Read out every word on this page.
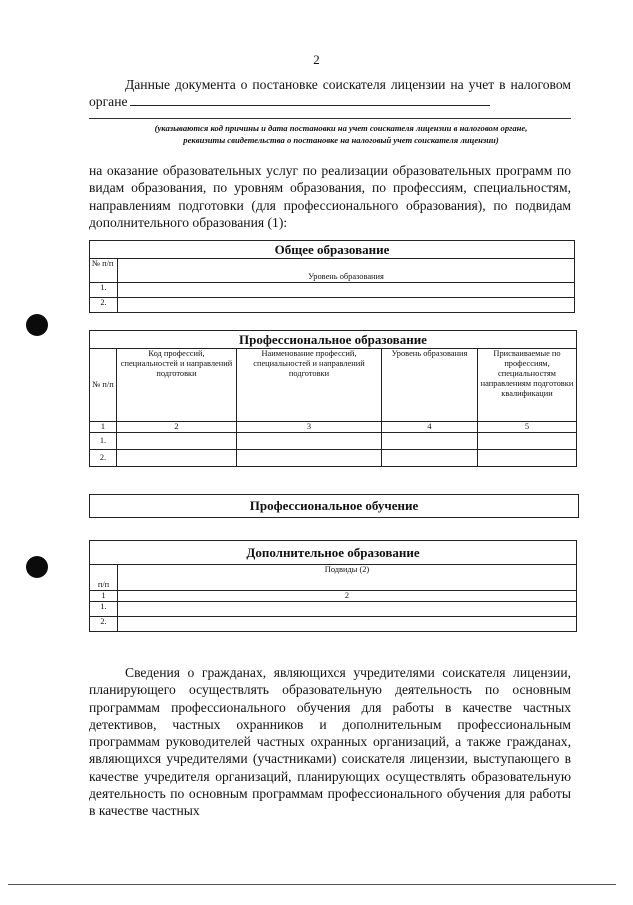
2
Данные документа о постановке соискателя лицензии на учет в налоговом органе
(указываются код причины и дата постановки на учет соискателя лицензии в налоговом органе,
реквизиты свидетельства о постановке на налоговый учет соискателя лицензии)
на оказание образовательных услуг по реализации образовательных программ по видам образования, по уровням образования, по профессиям, специальностям, направлениям подготовки (для профессионального образования), по подвидам дополнительного образования (1):
Общее образование	
№ п/п	Уровень образования
1.	
2.	
Профессиональное образование				
№ п/п	Код профессий, специальностей и направлений подготовки	Наименование профессий, специальностей и направлений подготовки	Уровень образования	Присваиваемые по профессиям, специальностям направлениям подготовки квалификации
1	2	3	4	5
1.				
2.				
Профессиональное обучение
Дополнительное образование	
п/п	Подвиды (2)
1	2
1.	
2.	
Сведения о гражданах, являющихся учредителями соискателя лицензии, планирующего осуществлять образовательную деятельность по основным программам профессионального обучения для работы в качестве частных детективов, частных охранников и дополнительным профессиональным программам руководителей частных охранных организаций, а также гражданах, являющихся учредителями (участниками) соискателя лицензии, выступающего в качестве учредителя организаций, планирующих осуществлять образовательную деятельность по основным программам профессионального обучения для работы в качестве частных
